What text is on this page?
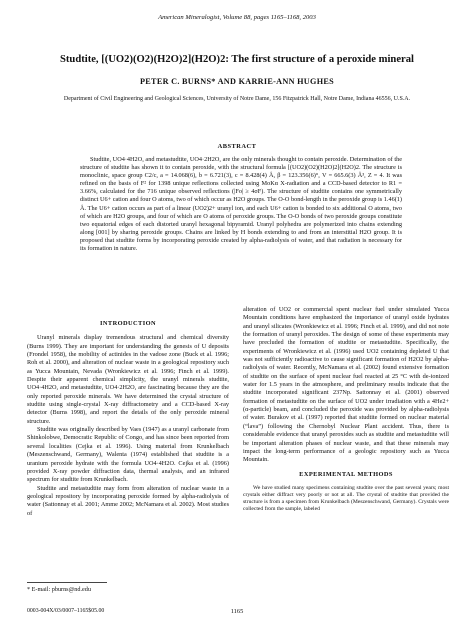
American Mineralogist, Volume 88, pages 1165–1168, 2003
Studtite, [(UO2)(O2)(H2O)2](H2O)2: The first structure of a peroxide mineral
PETER C. BURNS* AND KARRIE-ANN HUGHES
Department of Civil Engineering and Geological Sciences, University of Notre Dame, 156 Fitzpatrick Hall, Notre Dame, Indiana 46556, U.S.A.
ABSTRACT
Studtite, UO4·4H2O, and metastudtite, UO4·2H2O, are the only minerals thought to contain peroxide. Determination of the structure of studtite has shown it to contain peroxide, with the structural formula [(UO2)(O2)(H2O)2](H2O)2. The structure is monoclinic, space group C2/c, a = 14.068(6), b = 6.721(3), c = 8.428(4) Å, β = 123.356(6)°, V = 665.6(3) Å³, Z = 4. It was refined on the basis of F² for 1398 unique reflections collected using MoKα X-radiation and a CCD-based detector to R1 = 3.66%, calculated for the 716 unique observed reflections (|Fo| ≥ 4σF). The structure of studtite contains one symmetrically distinct U6+ cation and four O atoms, two of which occur as H2O groups. The O-O bond-length in the peroxide group is 1.46(1) Å. The U6+ cation occurs as part of a linear (UO2)2+ uranyl ion, and each U6+ cation is bonded to six additional O atoms, two of which are H2O groups, and four of which are O atoms of peroxide groups. The O-O bonds of two peroxide groups constitute two equatorial edges of each distorted uranyl hexagonal bipyramid. Uranyl polyhedra are polymerized into chains extending along [001] by sharing peroxide groups. Chains are linked by H bonds extending to and from an interstitial H2O group. It is proposed that studtite forms by incorporating peroxide created by alpha-radiolysis of water, and that radiation is necessary for its formation in nature.
INTRODUCTION

Uranyl minerals display tremendous structural and chemical diversity (Burns 1999). They are important for understanding the genesis of U deposits (Frondel 1958), the mobility of actinides in the vadose zone (Buck et al. 1996; Roh et al. 2000), and alteration of nuclear waste in a geological repository such as Yucca Mountain, Nevada (Wronkiewicz et al. 1996; Finch et al. 1999). Despite their apparent chemical simplicity, the uranyl minerals studtite, UO4·4H2O, and metastudtite, UO4·2H2O, are fascinating because they are the only reported peroxide minerals. We have determined the crystal structure of studtite using single-crystal X-ray diffractometry and a CCD-based X-ray detector (Burns 1998), and report the details of the only peroxide mineral structure.

Studtite was originally described by Vaes (1947) as a uranyl carbonate from Shinkolobwe, Democratic Republic of Congo, and has since been reported from several localities (Cejka et al. 1996). Using material from Krunkelbach (Meszenschwand, Germany), Walenta (1974) established that studtite is a uranium peroxide hydrate with the formula UO4·4H2O. Cejka et al. (1996) provided X-ray powder diffraction data, thermal analysis, and an infrared spectrum for studtite from Krunkelbach.

Studtite and metastudtite may form from alteration of nuclear waste in a geological repository by incorporating peroxide formed by alpha-radiolysis of water (Sattonnay et al. 2001; Amme 2002; McNamara et al. 2002). Most studies of

alteration of UO2 or commercial spent nuclear fuel under simulated Yucca Mountain conditions have emphasized the importance of uranyl oxide hydrates and uranyl silicates (Wronkiewicz et al. 1996; Finch et al. 1999), and did not note the formation of uranyl peroxides. The design of some of these experiments may have precluded the formation of studtite or metastudtite. Specifically, the experiments of Wronkiewicz et al. (1996) used UO2 containing depleted U that was not sufficiently radioactive to cause significant formation of H2O2 by alpha-radiolysis of water. Recently, McNamara et al. (2002) found extensive formation of studtite on the surface of spent nuclear fuel reacted at 25 °C with de-ionized water for 1.5 years in the atmosphere, and preliminary results indicate that the studtite incorporated significant 237Np. Sattonnay et al. (2001) observed formation of metastudtite on the surface of UO2 under irradiation with a 4He2+ (α-particle) beam, and concluded the peroxide was provided by alpha-radiolysis of water. Burakov et al. (1997) reported that studtite formed on nuclear material (“lava”) following the Chernobyl Nuclear Plant accident. Thus, there is considerable evidence that uranyl peroxides such as studtite and metastudtite will be important alteration phases of nuclear waste, and that these minerals may impact the long-term performance of a geologic repository such as Yucca Mountain.

EXPERIMENTAL METHODS

We have studied many specimens containing studtite over the past several years; most crystals either diffract very poorly or not at all. The crystal of studtite that provided the structure is from a specimen from Krunkelbach (Meszenschwand, Germany). Crystals were collected from the sample, labeled

* E-mail: pburns@nd.edu
0003-004X/03/0007–1165$05.00	1165
